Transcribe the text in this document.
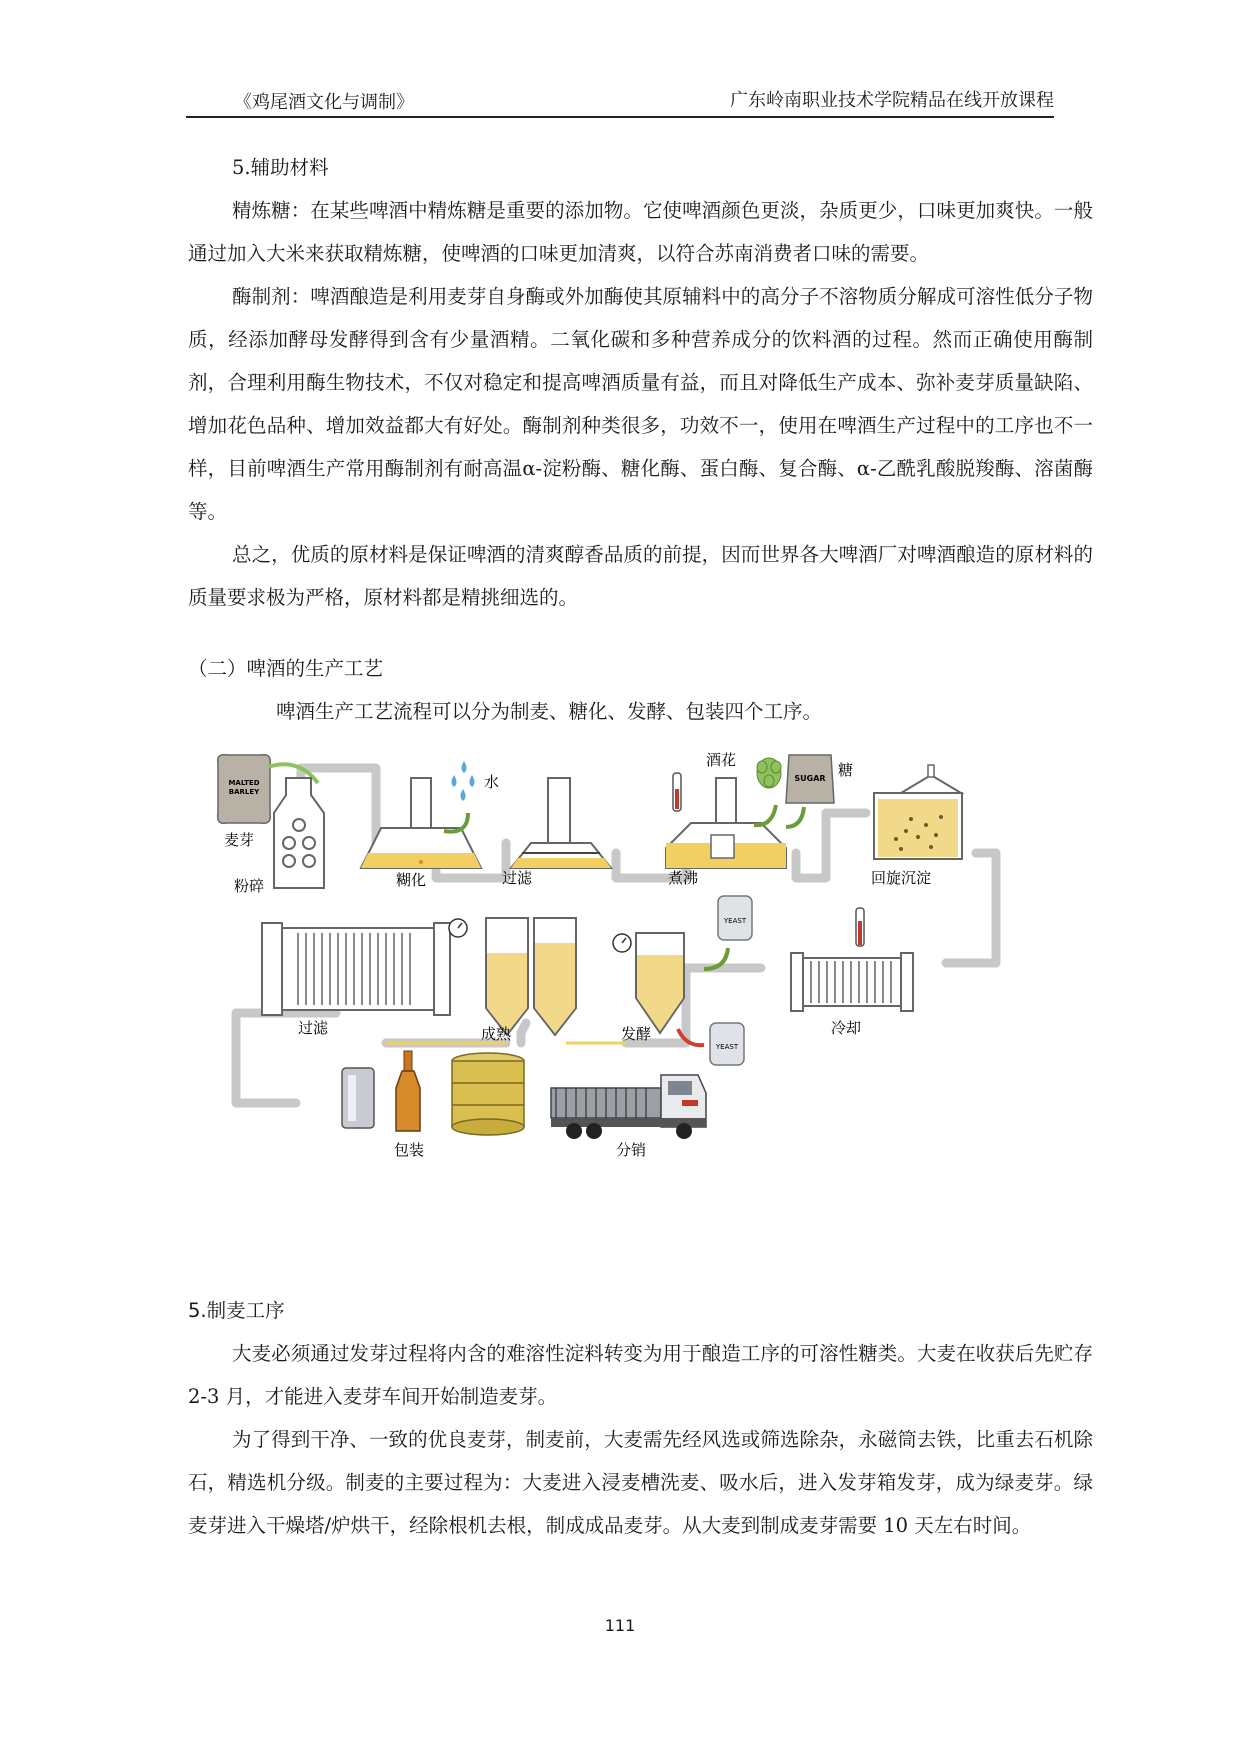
《鸡尾酒文化与调制》	广东岭南职业技术学院精品在线开放课程

5.辅助材料

精炼糖：在某些啤酒中精炼糖是重要的添加物。它使啤酒颜色更淡，杂质更少，口味更加爽快。一般通过加入大米来获取精炼糖，使啤酒的口味更加清爽，以符合苏南消费者口味的需要。

酶制剂：啤酒酿造是利用麦芽自身酶或外加酶使其原辅料中的高分子不溶物质分解成可溶性低分子物质，经添加酵母发酵得到含有少量酒精。二氧化碳和多种营养成分的饮料酒的过程。然而正确使用酶制剂，合理利用酶生物技术，不仅对稳定和提高啤酒质量有益，而且对降低生产成本、弥补麦芽质量缺陷、增加花色品种、增加效益都大有好处。酶制剂种类很多，功效不一，使用在啤酒生产过程中的工序也不一样，目前啤酒生产常用酶制剂有耐高温α-淀粉酶、糖化酶、蛋白酶、复合酶、α-乙酰乳酸脱羧酶、溶菌酶等。

总之，优质的原材料是保证啤酒的清爽醇香品质的前提，因而世界各大啤酒厂对啤酒酿造的原材料的质量要求极为严格，原材料都是精挑细选的。

（二）啤酒的生产工艺

啤酒生产工艺流程可以分为制麦、糖化、发酵、包装四个工序。

MALTED
BARLEY
麦芽
粉碎
水
糊化	过滤
酒花
SUGAR 糖
煮沸	回旋沉淀
过滤	成熟
YEAST
YEAST
发酵	冷却
包装	分销

5.制麦工序

大麦必须通过发芽过程将内含的难溶性淀料转变为用于酿造工序的可溶性糖类。大麦在收获后先贮存 2-3 月，才能进入麦芽车间开始制造麦芽。

为了得到干净、一致的优良麦芽，制麦前，大麦需先经风选或筛选除杂，永磁筒去铁，比重去石机除石，精选机分级。制麦的主要过程为：大麦进入浸麦槽洗麦、吸水后，进入发芽箱发芽，成为绿麦芽。绿麦芽进入干燥塔/炉烘干，经除根机去根，制成成品麦芽。从大麦到制成麦芽需要 10 天左右时间。

111
